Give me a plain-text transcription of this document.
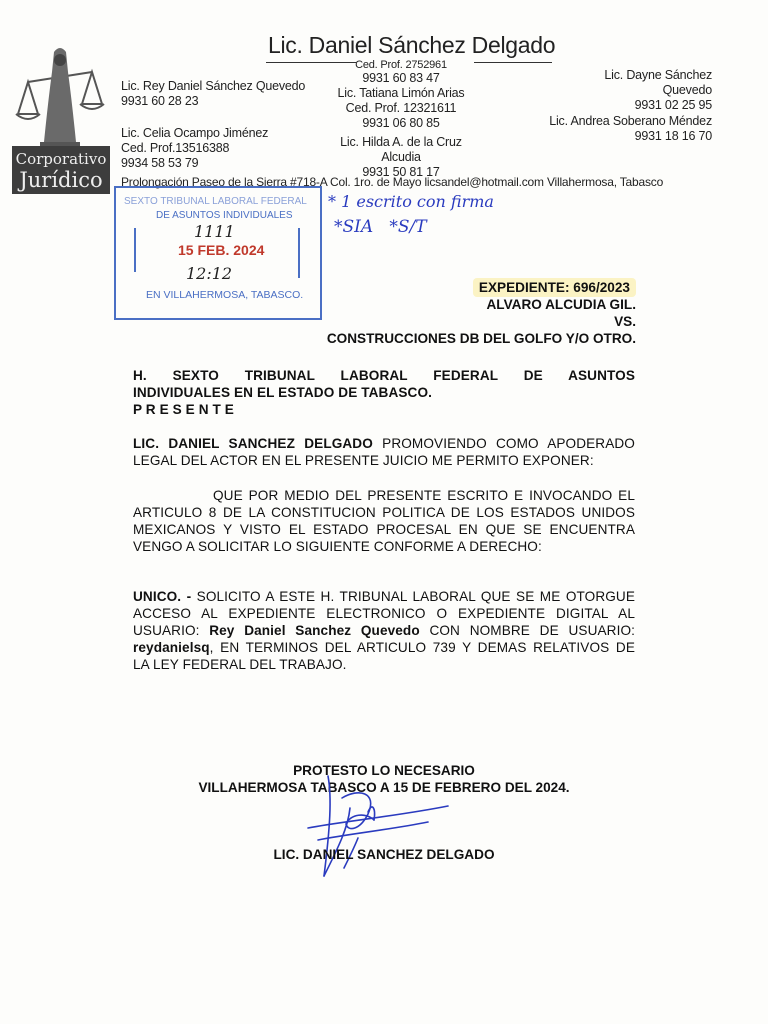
Corporativo
Jurídico
Lic. Daniel Sánchez Delgado
Lic. Rey Daniel Sánchez Quevedo
9931 60 28 23
Lic. Celia Ocampo Jiménez
Ced. Prof.13516388
9934 58 53 79
Ced. Prof. 2752961
9931 60 83 47
Lic. Tatiana Limón Arias
Ced. Prof. 12321611
9931 06 80 85
Lic. Hilda A. de la Cruz Alcudia
9931 50 81 17
Lic. Dayne Sánchez Quevedo
9931 02 25 95
Lic. Andrea Soberano Méndez
9931 18 16 70
Prolongación Paseo de la Sierra #718-A Col. 1ro. de Mayo licsandel@hotmail.com Villahermosa, Tabasco
SEXTO TRIBUNAL LABORAL FEDERAL
DE ASUNTOS INDIVIDUALES
1111
15 FEB. 2024
12:12
EN VILLAHERMOSA, TABASCO.
* 1 escrito con firma
*SIA   *S/T
EXPEDIENTE: 696/2023
ALVARO ALCUDIA GIL.
VS.
CONSTRUCCIONES DB DEL GOLFO Y/O OTRO.
H. SEXTO TRIBUNAL LABORAL FEDERAL DE ASUNTOS
INDIVIDUALES EN EL ESTADO DE TABASCO.
P R E S E N T E
LIC. DANIEL SANCHEZ DELGADO PROMOVIENDO COMO APODERADO
LEGAL DEL ACTOR EN EL PRESENTE JUICIO ME PERMITO EXPONER:
QUE POR MEDIO DEL PRESENTE ESCRITO E INVOCANDO EL
ARTICULO 8 DE LA CONSTITUCION POLITICA DE LOS ESTADOS UNIDOS
MEXICANOS Y VISTO EL ESTADO PROCESAL EN QUE SE ENCUENTRA
VENGO A SOLICITAR LO SIGUIENTE CONFORME A DERECHO:
UNICO. - SOLICITO A ESTE H. TRIBUNAL LABORAL QUE SE ME OTORGUE
ACCESO AL EXPEDIENTE ELECTRONICO O EXPEDIENTE DIGITAL AL
USUARIO: Rey Daniel Sanchez Quevedo CON NOMBRE DE USUARIO:
reydanielsq, EN TERMINOS DEL ARTICULO 739 Y DEMAS RELATIVOS DE
LA LEY FEDERAL DEL TRABAJO.
PROTESTO LO NECESARIO
VILLAHERMOSA TABASCO A 15 DE FEBRERO DEL 2024.
LIC. DANIEL SANCHEZ DELGADO
